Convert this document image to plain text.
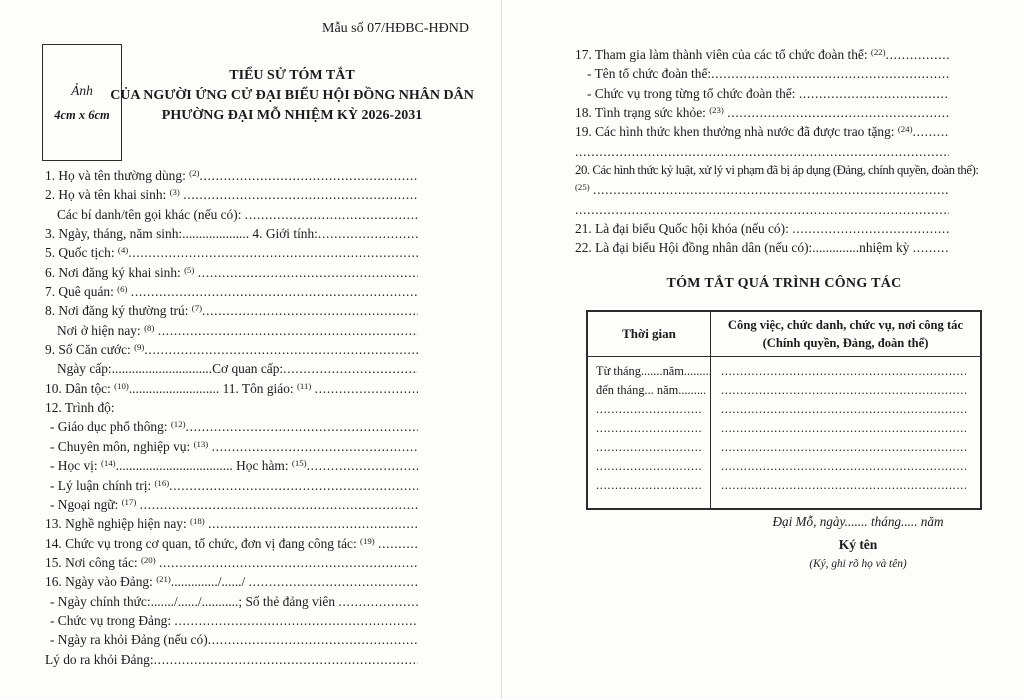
Mẫu số 07/HĐBC-HĐND
Ảnh
4cm x 6cm
TIỂU SỬ TÓM TẮT
CỦA NGƯỜI ỨNG CỬ ĐẠI BIỂU HỘI ĐỒNG NHÂN DÂN
PHƯỜNG ĐẠI MỖ NHIỆM KỲ 2026-2031
1. Họ và tên thường dùng: (2)
.....
2. Họ và tên khai sinh: (3)

.....
Các bí danh/tên gọi khác (nếu có):
.....
3. Ngày, tháng, năm sinh: .................... 4. Giới tính:
.....
5. Quốc tịch: (4)
.....
6. Nơi đăng ký khai sinh: (5)

.....
7. Quê quán: (6)

.....
8. Nơi đăng ký thường trú: (7)
.....
Nơi ở hiện nay: (8)

.....
9. Số Căn cước: (9)
.....
Ngày cấp: .............................. Cơ quan cấp:
.....
10. Dân tộc: (10) ........................... 11. Tôn giáo: (11)

.....
12. Trình độ:
- Giáo dục phổ thông: (12)
.....
- Chuyên môn, nghiệp vụ: (13)

.....
- Học vị: (14) ................................... Học hàm: (15)
.....
- Lý luận chính trị: (16)
.....
- Ngoại ngữ: (17)

.....
13. Nghề nghiệp hiện nay: (18)

.....
14. Chức vụ trong cơ quan, tổ chức, đơn vị đang công tác: (19)

.....
15. Nơi công tác: (20)

.....
16. Ngày vào Đảng: (21) ............../....../
.....
- Ngày chính thức:......./....../...........; Số thẻ đảng viên
.....
- Chức vụ trong Đảng:
.....
- Ngày ra khỏi Đảng (nếu có)
.....
Lý do ra khỏi Đảng:
.....
17. Tham gia làm thành viên của các tổ chức đoàn thể: (22)
.....
- Tên tổ chức đoàn thể:
.....
- Chức vụ trong từng tổ chức đoàn thể:
.....
18. Tình trạng sức khỏe: (23)

.....
19. Các hình thức khen thưởng nhà nước đã được trao tặng: (24)
.....
.....
20. Các hình thức kỷ luật, xử lý vi phạm đã bị áp dụng (Đảng, chính quyền, đoàn thể):
(25)

.....
.....
21. Là đại biểu Quốc hội khóa (nếu có):
.....
22. Là đại biểu Hội đồng nhân dân (nếu có): .............. nhiệm kỳ
.....
TÓM TẮT QUÁ TRÌNH CÔNG TÁC
Thời gian
Công việc, chức danh, chức vụ, nơi công tác
(Chính quyền, Đảng, đoàn thể)
Từ tháng.......năm.........
đến tháng... năm.........
.....
.....
.....
.....
.....
.....
.....
.....
.....
.....
.....
.....
Đại Mỗ, ngày....... tháng..... năm
Ký tên
(Ký, ghi rõ họ và tên)
